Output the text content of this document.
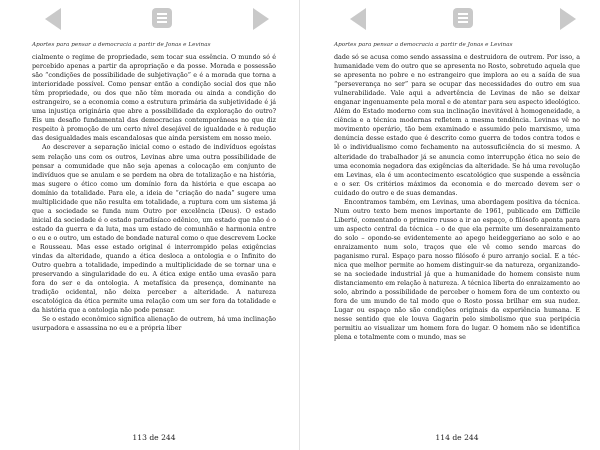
Aportes para pensar a democracia a partir de Jonas e Levinas

cialmente o regime de propriedade, sem tocar sua essência. O mundo só é percebido apenas a partir da apropriação e da posse. Morada e possessão são “condições de possibilidade de subjetivação” e é a morada que torna a interioridade possível. Como pensar então a condição social dos que não têm propriedade, ou dos que não têm morada ou ainda a condição do estrangeiro, se a economia como a estrutura primária da subjetividade é já uma injustiça originária que abre a possibilidade da exploração do outro? Eis um desafio fundamental das democracias contemporâneas no que diz respeito à promoção de um certo nível desejável de igualdade e à redução das desigualdades mais escandalosas que ainda persistem em nosso meio.

Ao descrever a separação inicial como o estado de indivíduos egoístas sem relação uns com os outros, Levinas abre uma outra possibilidade de pensar a comunidade que não seja apenas a colocação em conjunto de indivíduos que se anulam e se perdem na obra de totalização e na história, mas sugere o ético como um domínio fora da história e que escapa ao domínio da totalidade. Para ele, a ideia de “criação do nada” sugere uma multiplicidade que não resulta em totalidade, a ruptura com um sistema já que a sociedade se funda num Outro por excelência (Deus). O estado inicial da sociedade é o estado paradisíaco edênico, um estado que não é o estado da guerra e da luta, mas um estado de comunhão e harmonia entre o eu e o outro, um estado de bondade natural como o que descrevem Locke e Rousseau. Mas esse estado original é interrompido pelas exigências vindas da alteridade, quando a ética desloca a ontologia e o Infinito do Outro quebra a totalidade, impedindo a multiplicidade de se tornar una e preservando a singularidade do eu. A ética exige então uma evasão para fora do ser e da ontologia. A metafísica da presença, dominante na tradição ocidental, não deixa perceber a alteridade. A natureza escatológica da ética permite uma relação com um ser fora da totalidade e da história que a ontologia não pode pensar.

Se o estado econômico significa alienação de outrem, há uma inclinação usurpadora e assassina no eu e a própria liber

113 de 244
Aportes para pensar a democracia a partir de Jonas e Levinas

dade só se acusa como sendo assassina e destruidora de outrem. Por isso, a humanidade vem do outro que se apresenta no Rosto, sobretudo aquela que se apresenta no pobre e no estrangeiro que implora ao eu a saída de sua “perseverança no ser” para se ocupar das necessidades do outro em sua vulnerabilidade. Vale aqui a advertência de Levinas de não se deixar enganar ingenuamente pela moral e de atentar para seu aspecto ideológico. Além do Estado moderno com sua inclinação inevitável à homogeneidade, a ciência e a técnica modernas refletem a mesma tendência. Levinas vê no movimento operário, tão bem examinado e assumido pelo marxismo, uma denúncia desse estado que é descrito como guerra de todos contra todos e lê o individualismo como fechamento na autossuficiência do si mesmo. A alteridade do trabalhador já se anuncia como interrupção ética no seio de uma economia negadora das exigências da alteridade. Se há uma revolução em Levinas, ela é um acontecimento escatológico que suspende a essência e o ser. Os critérios máximos da economia e do mercado devem ser o cuidado do outro e de suas demandas.

Encontramos também, em Levinas, uma abordagem positiva da técnica. Num outro texto bem menos importante de 1961, publicado em Difficile Liberté, comentando o primeiro russo a ir ao espaço, o filósofo aponta para um aspecto central da técnica – o de que ela permite um desenraizamento do solo – opondo-se evidentemente ao apego heideggeriano ao solo e ao enraizamento num solo, traços que ele vê como sendo marcas do paganismo rural. Espaço para nosso filósofo é puro arranjo social. E a técnica que melhor permite ao homem distinguir-se da natureza, organizando-se na sociedade industrial já que a humanidade do homem consiste num distanciamento em relação à natureza. A técnica liberta do enraizamento ao solo, abrindo a possibilidade de perceber o homem fora de um contexto ou fora de um mundo de tal modo que o Rosto possa brilhar em sua nudez. Lugar ou espaço não são condições originais da experiência humana. E nesse sentido que ele louva Gagarin pelo simbolismo que sua peripécia permitiu ao visualizar um homem fora do lugar. O homem não se identifica plena e totalmente com o mundo, mas se

114 de 244
